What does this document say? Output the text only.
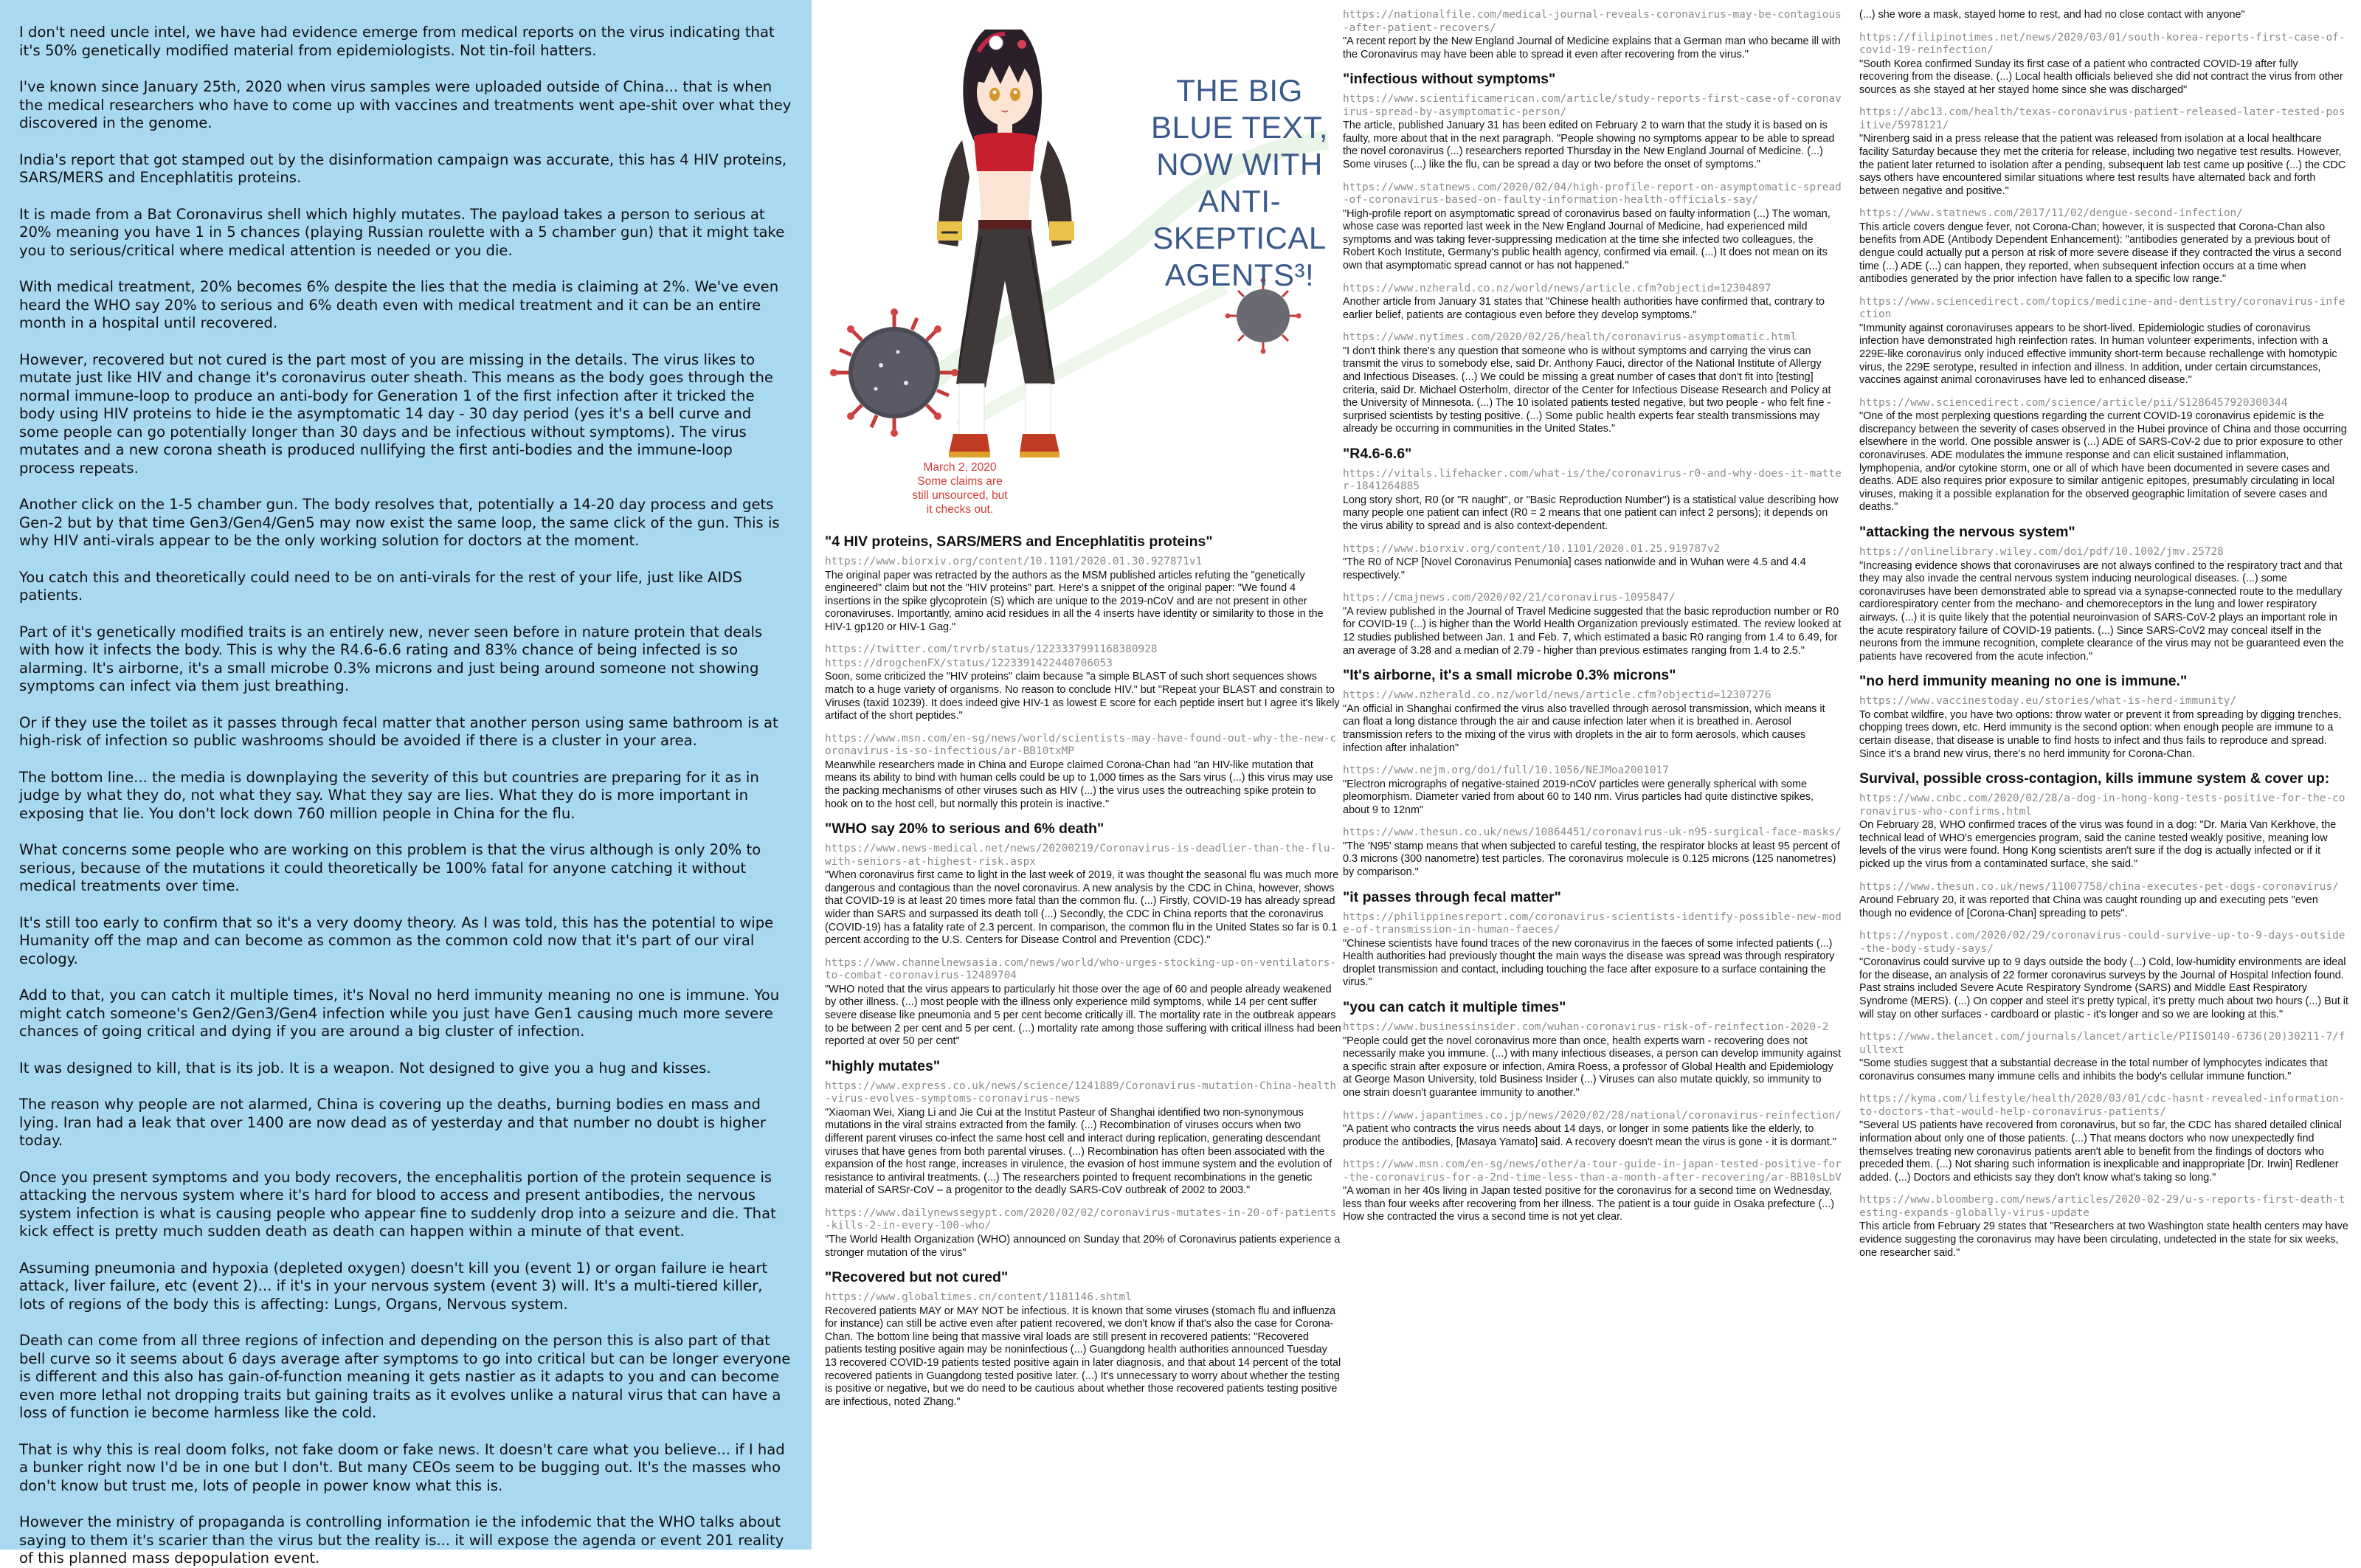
I don't need uncle intel, we have had evidence emerge from medical reports on the virus indicating that it's 50% genetically modified material from epidemiologists. Not tin-foil hatters.

I've known since January 25th, 2020 when virus samples were uploaded outside of China... that is when the medical researchers who have to come up with vaccines and treatments went ape-shit over what they discovered in the genome.

India's report that got stamped out by the disinformation campaign was accurate, this has 4 HIV proteins, SARS/MERS and Encephlatitis proteins.

It is made from a Bat Coronavirus shell which highly mutates. The payload takes a person to serious at 20% meaning you have 1 in 5 chances (playing Russian roulette with a 5 chamber gun) that it might take you to serious/critical where medical attention is needed or you die.

With medical treatment, 20% becomes 6% despite the lies that the media is claiming at 2%. We've even heard the WHO say 20% to serious and 6% death even with medical treatment and it can be an entire month in a hospital until recovered.

However, recovered but not cured is the part most of you are missing in the details. The virus likes to mutate just like HIV and change it's coronavirus outer sheath. This means as the body goes through the normal immune-loop to produce an anti-body for Generation 1 of the first infection after it tricked the body using HIV proteins to hide ie the asymptomatic 14 day - 30 day period (yes it's a bell curve and some people can go potentially longer than 30 days and be infectious without symptoms). The virus mutates and a new corona sheath is produced nullifying the first anti-bodies and the immune-loop process repeats.

Another click on the 1-5 chamber gun. The body resolves that, potentially a 14-20 day process and gets Gen-2 but by that time Gen3/Gen4/Gen5 may now exist the same loop, the same click of the gun. This is why HIV anti-virals appear to be the only working solution for doctors at the moment.

You catch this and theoretically could need to be on anti-virals for the rest of your life, just like AIDS patients.

Part of it's genetically modified traits is an entirely new, never seen before in nature protein that deals with how it infects the body. This is why the R4.6-6.6 rating and 83% chance of being infected is so alarming. It's airborne, it's a small microbe 0.3% microns and just being around someone not showing symptoms can infect via them just breathing.

Or if they use the toilet as it passes through fecal matter that another person using same bathroom is at high-risk of infection so public washrooms should be avoided if there is a cluster in your area.

The bottom line... the media is downplaying the severity of this but countries are preparing for it as in judge by what they do, not what they say. What they say are lies. What they do is more important in exposing that lie. You don't lock down 760 million people in China for the flu.

What concerns some people who are working on this problem is that the virus although is only 20% to serious, because of the mutations it could theoretically be 100% fatal for anyone catching it without medical treatments over time.

It's still too early to confirm that so it's a very doomy theory. As I was told, this has the potential to wipe Humanity off the map and can become as common as the common cold now that it's part of our viral ecology.

Add to that, you can catch it multiple times, it's Noval no herd immunity meaning no one is immune. You might catch someone's Gen2/Gen3/Gen4 infection while you just have Gen1 causing much more severe chances of going critical and dying if you are around a big cluster of infection.

It was designed to kill, that is its job. It is a weapon. Not designed to give you a hug and kisses.

The reason why people are not alarmed, China is covering up the deaths, burning bodies en mass and lying. Iran had a leak that over 1400 are now dead as of yesterday and that number no doubt is higher today.

Once you present symptoms and you body recovers, the encephalitis portion of the protein sequence is attacking the nervous system where it's hard for blood to access and present antibodies, the nervous system infection is what is causing people who appear fine to suddenly drop into a seizure and die. That kick effect is pretty much sudden death as death can happen within a minute of that event.

Assuming pneumonia and hypoxia (depleted oxygen) doesn't kill you (event 1) or organ failure ie heart attack, liver failure, etc (event 2)... if it's in your nervous system (event 3) will. It's a multi-tiered killer, lots of regions of the body this is affecting: Lungs, Organs, Nervous system.

Death can come from all three regions of infection and depending on the person this is also part of that bell curve so it seems about 6 days average after symptoms to go into critical but can be longer everyone is different and this also has gain-of-function meaning it gets nastier as it adapts to you and can become even more lethal not dropping traits but gaining traits as it evolves unlike a natural virus that can have a loss of function ie become harmless like the cold.

That is why this is real doom folks, not fake doom or fake news. It doesn't care what you believe... if I had a bunker right now I'd be in one but I don't. But many CEOs seem to be bugging out. It's the masses who don't know but trust me, lots of people in power know what this is.

However the ministry of propaganda is controlling information ie the infodemic that the WHO talks about saying to them it's scarier than the virus but the reality is... it will expose the agenda or event 201 reality of this planned mass depopulation event.

THE BIG
BLUE TEXT,
NOW WITH
ANTI-
SKEPTICAL
AGENTS³!
March 2, 2020
Some claims are
still unsourced, but
it checks out.
"4 HIV proteins, SARS/MERS and Encephlatitis proteins"
https://www.biorxiv.org/content/10.1101/2020.01.30.927871v1
The original paper was retracted by the authors as the MSM published articles refuting the "genetically engineered" claim but not the "HIV proteins" part. Here's a snippet of the original paper: "We found 4 insertions in the spike glycoprotein (S) which are unique to the 2019-nCoV and are not present in other coronaviruses. Importantly, amino acid residues in all the 4 inserts have identity or similarity to those in the HIV-1 gp120 or HIV-1 Gag."
https://twitter.com/trvrb/status/1223337991168380928
https://drogchenFX/status/1223391422440706053
Soon, some criticized the "HIV proteins" claim because "a simple BLAST of such short sequences shows match to a huge variety of organisms. No reason to conclude HIV." but "Repeat your BLAST and constrain to Viruses (taxid 10239). It does indeed give HIV-1 as lowest E score for each peptide insert but I agree it's likely artifact of the short peptides."
https://www.msn.com/en-sg/news/world/scientists-may-have-found-out-why-the-new-coronavirus-is-so-infectious/ar-BB10txMP
Meanwhile researchers made in China and Europe claimed Corona-Chan had "an HIV-like mutation that means its ability to bind with human cells could be up to 1,000 times as the Sars virus (...) this virus may use the packing mechanisms of other viruses such as HIV (...) the virus uses the outreaching spike protein to hook on to the host cell, but normally this protein is inactive."
"WHO say 20% to serious and 6% death"
https://www.news-medical.net/news/20200219/Coronavirus-is-deadlier-than-the-flu-with-seniors-at-highest-risk.aspx
"When coronavirus first came to light in the last week of 2019, it was thought the seasonal flu was much more dangerous and contagious than the novel coronavirus. A new analysis by the CDC in China, however, shows that COVID-19 is at least 20 times more fatal than the common flu. (...) Firstly, COVID-19 has already spread wider than SARS and surpassed its death toll (...) Secondly, the CDC in China reports that the coronavirus (COVID-19) has a fatality rate of 2.3 percent. In comparison, the common flu in the United States so far is 0.1 percent according to the U.S. Centers for Disease Control and Prevention (CDC)."
https://www.channelnewsasia.com/news/world/who-urges-stocking-up-on-ventilators-to-combat-coronavirus-12489704
"WHO noted that the virus appears to particularly hit those over the age of 60 and people already weakened by other illness. (...) most people with the illness only experience mild symptoms, while 14 per cent suffer severe disease like pneumonia and 5 per cent become critically ill. The mortality rate in the outbreak appears to be between 2 per cent and 5 per cent. (...) mortality rate among those suffering with critical illness had been reported at over 50 per cent"
"highly mutates"
https://www.express.co.uk/news/science/1241889/Coronavirus-mutation-China-health-virus-evolves-symptoms-coronavirus-news
"Xiaoman Wei, Xiang Li and Jie Cui at the Institut Pasteur of Shanghai identified two non-synonymous mutations in the viral strains extracted from the family. (...) Recombination of viruses occurs when two different parent viruses co-infect the same host cell and interact during replication, generating descendant viruses that have genes from both parental viruses. (...) Recombination has often been associated with the expansion of the host range, increases in virulence, the evasion of host immune system and the evolution of resistance to antiviral treatments. (...) The researchers pointed to frequent recombinations in the genetic material of SARSr-CoV – a progenitor to the deadly SARS-CoV outbreak of 2002 to 2003."
https://www.dailynewssegypt.com/2020/02/02/coronavirus-mutates-in-20-of-patients-kills-2-in-every-100-who/
"The World Health Organization (WHO) announced on Sunday that 20% of Coronavirus patients experience a stronger mutation of the virus"
"Recovered but not cured"
https://www.globaltimes.cn/content/1181146.shtml
Recovered patients MAY or MAY NOT be infectious. It is known that some viruses (stomach flu and influenza for instance) can still be active even after patient recovered, we don't know if that's also the case for Corona-Chan. The bottom line being that massive viral loads are still present in recovered patients: "Recovered patients testing positive again may be noninfectious (...) Guangdong health authorities announced Tuesday 13 recovered COVID-19 patients tested positive again in later diagnosis, and that about 14 percent of the total recovered patients in Guangdong tested positive later. (...) It's unnecessary to worry about whether the testing is positive or negative, but we do need to be cautious about whether those recovered patients testing positive are infectious, noted Zhang."
https://nationalfile.com/medical-journal-reveals-coronavirus-may-be-contagious-after-patient-recovers/
"A recent report by the New England Journal of Medicine explains that a German man who became ill with the Coronavirus may have been able to spread it even after recovering from the virus."
"infectious without symptoms"
https://www.scientificamerican.com/article/study-reports-first-case-of-coronavirus-spread-by-asymptomatic-person/
The article, published January 31 has been edited on February 2 to warn that the study it is based on is faulty, more about that in the next paragraph. "People showing no symptoms appear to be able to spread the novel coronavirus (...) researchers reported Thursday in the New England Journal of Medicine. (...) Some viruses (...) like the flu, can be spread a day or two before the onset of symptoms."
https://www.statnews.com/2020/02/04/high-profile-report-on-asymptomatic-spread-of-coronavirus-based-on-faulty-information-health-officials-say/
"High-profile report on asymptomatic spread of coronavirus based on faulty information (...) The woman, whose case was reported last week in the New England Journal of Medicine, had experienced mild symptoms and was taking fever-suppressing medication at the time she infected two colleagues, the Robert Koch Institute, Germany's public health agency, confirmed via email. (...) It does not mean on its own that asymptomatic spread cannot or has not happened."
https://www.nzherald.co.nz/world/news/article.cfm?objectid=12304897
Another article from January 31 states that "Chinese health authorities have confirmed that, contrary to earlier belief, patients are contagious even before they develop symptoms."
https://www.nytimes.com/2020/02/26/health/coronavirus-asymptomatic.html
"I don't think there's any question that someone who is without symptoms and carrying the virus can transmit the virus to somebody else, said Dr. Anthony Fauci, director of the National Institute of Allergy and Infectious Diseases. (...) We could be missing a great number of cases that don't fit into [testing] criteria, said Dr. Michael Osterholm, director of the Center for Infectious Disease Research and Policy at the University of Minnesota. (...) The 10 isolated patients tested negative, but two people - who felt fine - surprised scientists by testing positive. (...) Some public health experts fear stealth transmissions may already be occurring in communities in the United States."
"R4.6-6.6"
https://vitals.lifehacker.com/what-is/the/coronavirus-r0-and-why-does-it-matter-1841264885
Long story short, R0 (or "R naught", or "Basic Reproduction Number") is a statistical value describing how many people one patient can infect (R0 = 2 means that one patient can infect 2 persons); it depends on the virus ability to spread and is also context-dependent.
https://www.biorxiv.org/content/10.1101/2020.01.25.919787v2
"The R0 of NCP [Novel Coronavirus Penumonia] cases nationwide and in Wuhan were 4.5 and 4.4 respectively."
https://cmajnews.com/2020/02/21/coronavirus-1095847/
"A review published in the Journal of Travel Medicine suggested that the basic reproduction number or R0 for COVID-19 (...) is higher than the World Health Organization previously estimated. The review looked at 12 studies published between Jan. 1 and Feb. 7, which estimated a basic R0 ranging from 1.4 to 6.49, for an average of 3.28 and a median of 2.79 - higher than previous estimates ranging from 1.4 to 2.5."
"It's airborne, it's a small microbe 0.3% microns"
https://www.nzherald.co.nz/world/news/article.cfm?objectid=12307276
"An official in Shanghai confirmed the virus also travelled through aerosol transmission, which means it can float a long distance through the air and cause infection later when it is breathed in. Aerosol transmission refers to the mixing of the virus with droplets in the air to form aerosols, which causes infection after inhalation"
https://www.nejm.org/doi/full/10.1056/NEJMoa2001017
"Electron micrographs of negative-stained 2019-nCoV particles were generally spherical with some pleomorphism. Diameter varied from about 60 to 140 nm. Virus particles had quite distinctive spikes, about 9 to 12nm"
https://www.thesun.co.uk/news/10864451/coronavirus-uk-n95-surgical-face-masks/
"The 'N95' stamp means that when subjected to careful testing, the respirator blocks at least 95 percent of 0.3 microns (300 nanometre) test particles. The coronavirus molecule is 0.125 microns (125 nanometres) by comparison."
"it passes through fecal matter"
https://philippinesreport.com/coronavirus-scientists-identify-possible-new-mode-of-transmission-in-human-faeces/
"Chinese scientists have found traces of the new coronavirus in the faeces of some infected patients (...) Health authorities had previously thought the main ways the disease was spread was through respiratory droplet transmission and contact, including touching the face after exposure to a surface containing the virus."
"you can catch it multiple times"
https://www.businessinsider.com/wuhan-coronavirus-risk-of-reinfection-2020-2
"People could get the novel coronavirus more than once, health experts warn - recovering does not necessarily make you immune. (...) with many infectious diseases, a person can develop immunity against a specific strain after exposure or infection, Amira Roess, a professor of Global Health and Epidemiology at George Mason University, told Business Insider (...) Viruses can also mutate quickly, so immunity to one strain doesn't guarantee immunity to another."
https://www.japantimes.co.jp/news/2020/02/28/national/coronavirus-reinfection/
"A patient who contracts the virus needs about 14 days, or longer in some patients like the elderly, to produce the antibodies, [Masaya Yamato] said. A recovery doesn't mean the virus is gone - it is dormant."
https://www.msn.com/en-sg/news/other/a-tour-guide-in-japan-tested-positive-for-the-coronavirus-for-a-2nd-time-less-than-a-month-after-recovering/ar-BB10sLbV
"A woman in her 40s living in Japan tested positive for the coronavirus for a second time on Wednesday, less than four weeks after recovering from her illness. The patient is a tour guide in Osaka prefecture (...) How she contracted the virus a second time is not yet clear.
(...) she wore a mask, stayed home to rest, and had no close contact with anyone"
https://filipinotimes.net/news/2020/03/01/south-korea-reports-first-case-of-covid-19-reinfection/
"South Korea confirmed Sunday its first case of a patient who contracted COVID-19 after fully recovering from the disease. (...) Local health officials believed she did not contract the virus from other sources as she stayed at her stayed home since she was discharged"
https://abc13.com/health/texas-coronavirus-patient-released-later-tested-positive/5978121/
"Nirenberg said in a press release that the patient was released from isolation at a local healthcare facility Saturday because they met the criteria for release, including two negative test results. However, the patient later returned to isolation after a pending, subsequent lab test came up positive (...) the CDC says others have encountered similar situations where test results have alternated back and forth between negative and positive."
https://www.statnews.com/2017/11/02/dengue-second-infection/
This article covers dengue fever, not Corona-Chan; however, it is suspected that Corona-Chan also benefits from ADE (Antibody Dependent Enhancement): "antibodies generated by a previous bout of dengue could actually put a person at risk of more severe disease if they contracted the virus a second time (...) ADE (...) can happen, they reported, when subsequent infection occurs at a time when antibodies generated by the prior infection have fallen to a specific low range."
https://www.sciencedirect.com/topics/medicine-and-dentistry/coronavirus-infection
"Immunity against coronaviruses appears to be short-lived. Epidemiologic studies of coronavirus infection have demonstrated high reinfection rates. In human volunteer experiments, infection with a 229E-like coronavirus only induced effective immunity short-term because rechallenge with homotypic virus, the 229E serotype, resulted in infection and illness. In addition, under certain circumstances, vaccines against animal coronaviruses have led to enhanced disease."
https://www.sciencedirect.com/science/article/pii/S1286457920300344
"One of the most perplexing questions regarding the current COVID-19 coronavirus epidemic is the discrepancy between the severity of cases observed in the Hubei province of China and those occurring elsewhere in the world. One possible answer is (...) ADE of SARS-CoV-2 due to prior exposure to other coronaviruses. ADE modulates the immune response and can elicit sustained inflammation, lymphopenia, and/or cytokine storm, one or all of which have been documented in severe cases and deaths. ADE also requires prior exposure to similar antigenic epitopes, presumably circulating in local viruses, making it a possible explanation for the observed geographic limitation of severe cases and deaths."
"attacking the nervous system"
https://onlinelibrary.wiley.com/doi/pdf/10.1002/jmv.25728
"Increasing evidence shows that coronaviruses are not always confined to the respiratory tract and that they may also invade the central nervous system inducing neurological diseases. (...) some coronaviruses have been demonstrated able to spread via a synapse-connected route to the medullary cardiorespiratory center from the mechano- and chemoreceptors in the lung and lower respiratory airways. (...) it is quite likely that the potential neuroinvasion of SARS-CoV-2 plays an important role in the acute respiratory failure of COVID-19 patients. (...) Since SARS-CoV2 may conceal itself in the neurons from the immune recognition, complete clearance of the virus may not be guaranteed even the patients have recovered from the acute infection."
"no herd immunity meaning no one is immune."
https://www.vaccinestoday.eu/stories/what-is-herd-immunity/
To combat wildfire, you have two options: throw water or prevent it from spreading by digging trenches, chopping trees down, etc. Herd immunity is the second option: when enough people are immune to a certain disease, that disease is unable to find hosts to infect and thus fails to reproduce and spread. Since it's a brand new virus, there's no herd immunity for Corona-Chan.
Survival, possible cross-contagion, kills immune system & cover up:
https://www.cnbc.com/2020/02/28/a-dog-in-hong-kong-tests-positive-for-the-coronavirus-who-confirms.html
On February 28, WHO confirmed traces of the virus was found in a dog: "Dr. Maria Van Kerkhove, the technical lead of WHO's emergencies program, said the canine tested weakly positive, meaning low levels of the virus were found. Hong Kong scientists aren't sure if the dog is actually infected or if it picked up the virus from a contaminated surface, she said."
https://www.thesun.co.uk/news/11007758/china-executes-pet-dogs-coronavirus/
Around February 20, it was reported that China was caught rounding up and executing pets "even though no evidence of [Corona-Chan] spreading to pets".
https://nypost.com/2020/02/29/coronavirus-could-survive-up-to-9-days-outside-the-body-study-says/
"Coronavirus could survive up to 9 days outside the body (...) Cold, low-humidity environments are ideal for the disease, an analysis of 22 former coronavirus surveys by the Journal of Hospital Infection found. Past strains included Severe Acute Respiratory Syndrome (SARS) and Middle East Respiratory Syndrome (MERS). (...) On copper and steel it's pretty typical, it's pretty much about two hours (...) But it will stay on other surfaces - cardboard or plastic - it's longer and so we are looking at this."
https://www.thelancet.com/journals/lancet/article/PIIS0140-6736(20)30211-7/fulltext
"Some studies suggest that a substantial decrease in the total number of lymphocytes indicates that coronavirus consumes many immune cells and inhibits the body's cellular immune function."
https://kyma.com/lifestyle/health/2020/03/01/cdc-hasnt-revealed-information-to-doctors-that-would-help-coronavirus-patients/
"Several US patients have recovered from coronavirus, but so far, the CDC has shared detailed clinical information about only one of those patients. (...) That means doctors who now unexpectedly find themselves treating new coronavirus patients aren't able to benefit from the findings of doctors who preceded them. (...) Not sharing such information is inexplicable and inappropriate [Dr. Irwin] Redlener added. (...) Doctors and ethicists say they don't know what's taking so long."
https://www.bloomberg.com/news/articles/2020-02-29/u-s-reports-first-death-testing-expands-globally-virus-update
This article from February 29 states that "Researchers at two Washington state health centers may have evidence suggesting the coronavirus may have been circulating, undetected in the state for six weeks, one researcher said."
